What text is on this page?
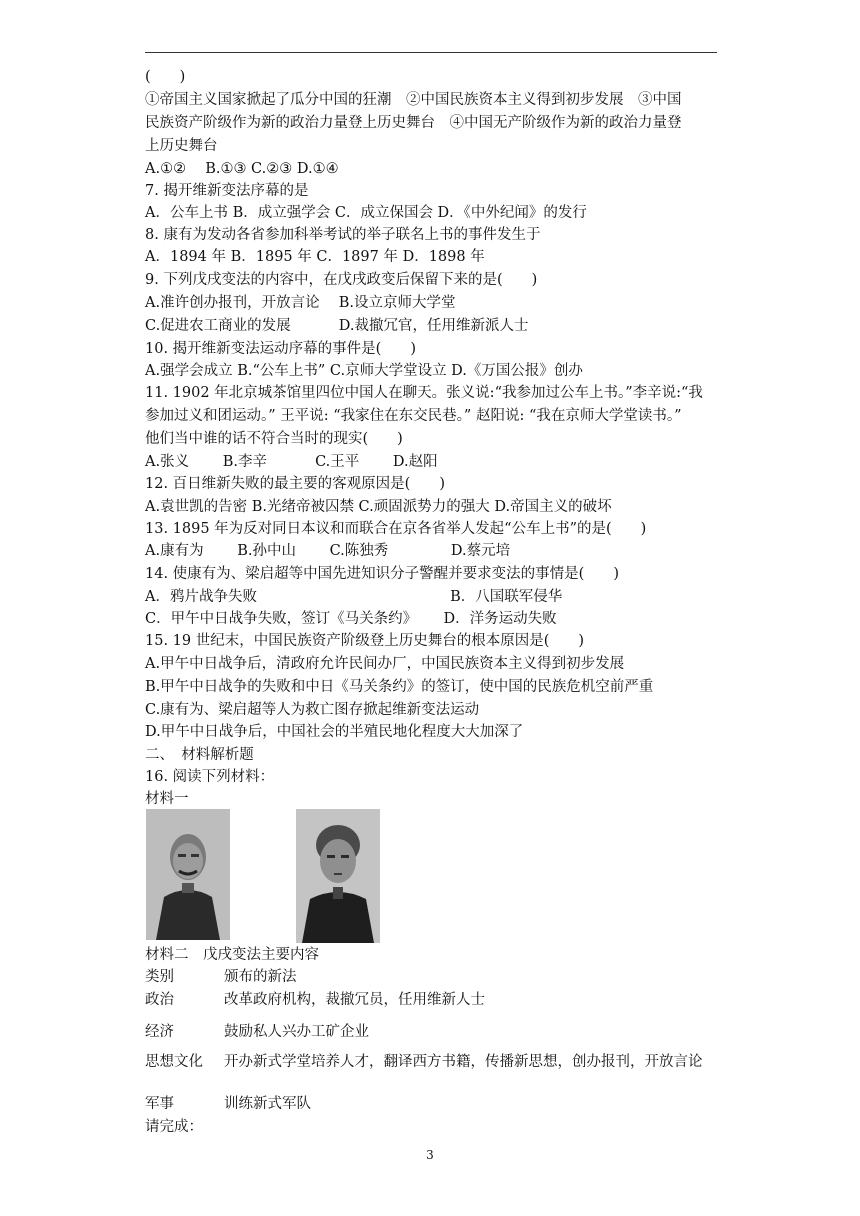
(　　)
①帝国主义国家掀起了瓜分中国的狂潮　②中国民族资本主义得到初步发展　③中国
民族资产阶级作为新的政治力量登上历史舞台　④中国无产阶级作为新的政治力量登
上历史舞台
A.①②　 B.①③ C.②③ D.①④
7. 揭开维新变法序幕的是
A．公车上书 B．成立强学会 C．成立保国会 D．《中外纪闻》的发行
8. 康有为发动各省参加科举考试的举子联名上书的事件发生于
A．1894 年 B．1895 年 C．1897 年 D．1898 年
9. 下列戊戌变法的内容中，在戊戌政变后保留下来的是(　　)
A.准许创办报刊，开放言论　 B.设立京师大学堂
C.促进农工商业的发展　　　 D.裁撤冗官，任用维新派人士
10. 揭开维新变法运动序幕的事件是(　　)
A.强学会成立 B.“公车上书” C.京师大学堂设立 D.《万国公报》创办
11. 1902 年北京城茶馆里四位中国人在聊天。张义说:“我参加过公车上书。”李辛说:“我
参加过义和团运动。” 王平说: “我家住在东交民巷。” 赵阳说: “我在京师大学堂读书。”
他们当中谁的话不符合当时的现实(　　)
A.张义　　 B.李辛　　　 C.王平　　 D.赵阳
12. 百日维新失败的最主要的客观原因是(　　)
A.袁世凯的告密 B.光绪帝被囚禁 C.顽固派势力的强大 D.帝国主义的破坏
13. 1895 年为反对同日本议和而联合在京各省举人发起“公车上书”的是(　　)
A.康有为　　 B.孙中山　　 C.陈独秀　　　　 D.蔡元培
14. 使康有为、梁启超等中国先进知识分子警醒并要求变法的事情是(　　)
A．鸦片战争失败　　　　　　　　　　　　　 B．八国联军侵华
C．甲午中日战争失败，签订《马关条约》　　 D．洋务运动失败
15. 19 世纪末，中国民族资产阶级登上历史舞台的根本原因是(　　)
A.甲午中日战争后，清政府允许民间办厂，中国民族资本主义得到初步发展
B.甲午中日战争的失败和中日《马关条约》的签订，使中国的民族危机空前严重
C.康有为、梁启超等人为救亡图存掀起维新变法运动
D.甲午中日战争后，中国社会的半殖民地化程度大大加深了
二、　材料解析题
16. 阅读下列材料：
材料一
材料二　戊戌变法主要内容
类别	颁布的新法
政治	改革政府机构，裁撤冗员，任用维新人士
经济	鼓励私人兴办工矿企业
思想文化 开办新式学堂培养人才，翻译西方书籍，传播新思想，创办报刊，开放言论
军事	训练新式军队
请完成：
3
